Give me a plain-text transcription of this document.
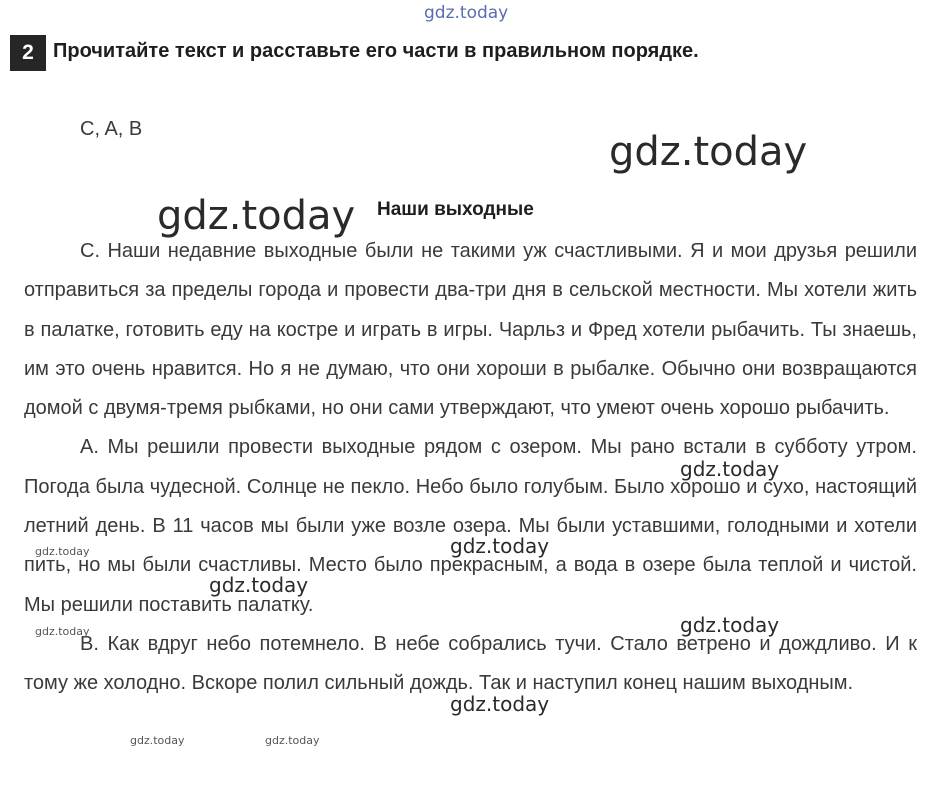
gdz.today
2 Прочитайте текст и расставьте его части в правильном порядке.
C, A, B
Наши выходные

С. Наши недавние выходные были не такими уж счастливыми. Я и мои друзья решили отправиться за пределы города и провести два-три дня в сельской местности. Мы хотели жить в палатке, готовить еду на костре и играть в игры. Чарльз и Фред хотели рыбачить. Ты знаешь, им это очень нравится. Но я не думаю, что они хороши в рыбалке. Обычно они возвращаются домой с двумя-тремя рыбками, но они сами утверждают, что умеют очень хорошо рыбачить.

А. Мы решили провести выходные рядом с озером. Мы рано встали в субботу утром. Погода была чудесной. Солнце не пекло. Небо было голубым. Было хорошо и сухо, настоящий летний день. В 11 часов мы были уже возле озера. Мы были уставшими, голодными и хотели пить, но мы были счастливы. Место было прекрасным, а вода в озере была теплой и чистой. Мы решили поставить палатку.

В. Как вдруг небо потемнело. В небе собрались тучи. Стало ветрено и дождливо. И к тому же холодно. Вскоре полил сильный дождь. Так и наступил конец нашим выходным.

gdz.today
gdz.today
gdz.today
gdz.today
gdz.today
gdz.today
gdz.today
gdz.today
gdz.today
gdz.today	gdz.today
